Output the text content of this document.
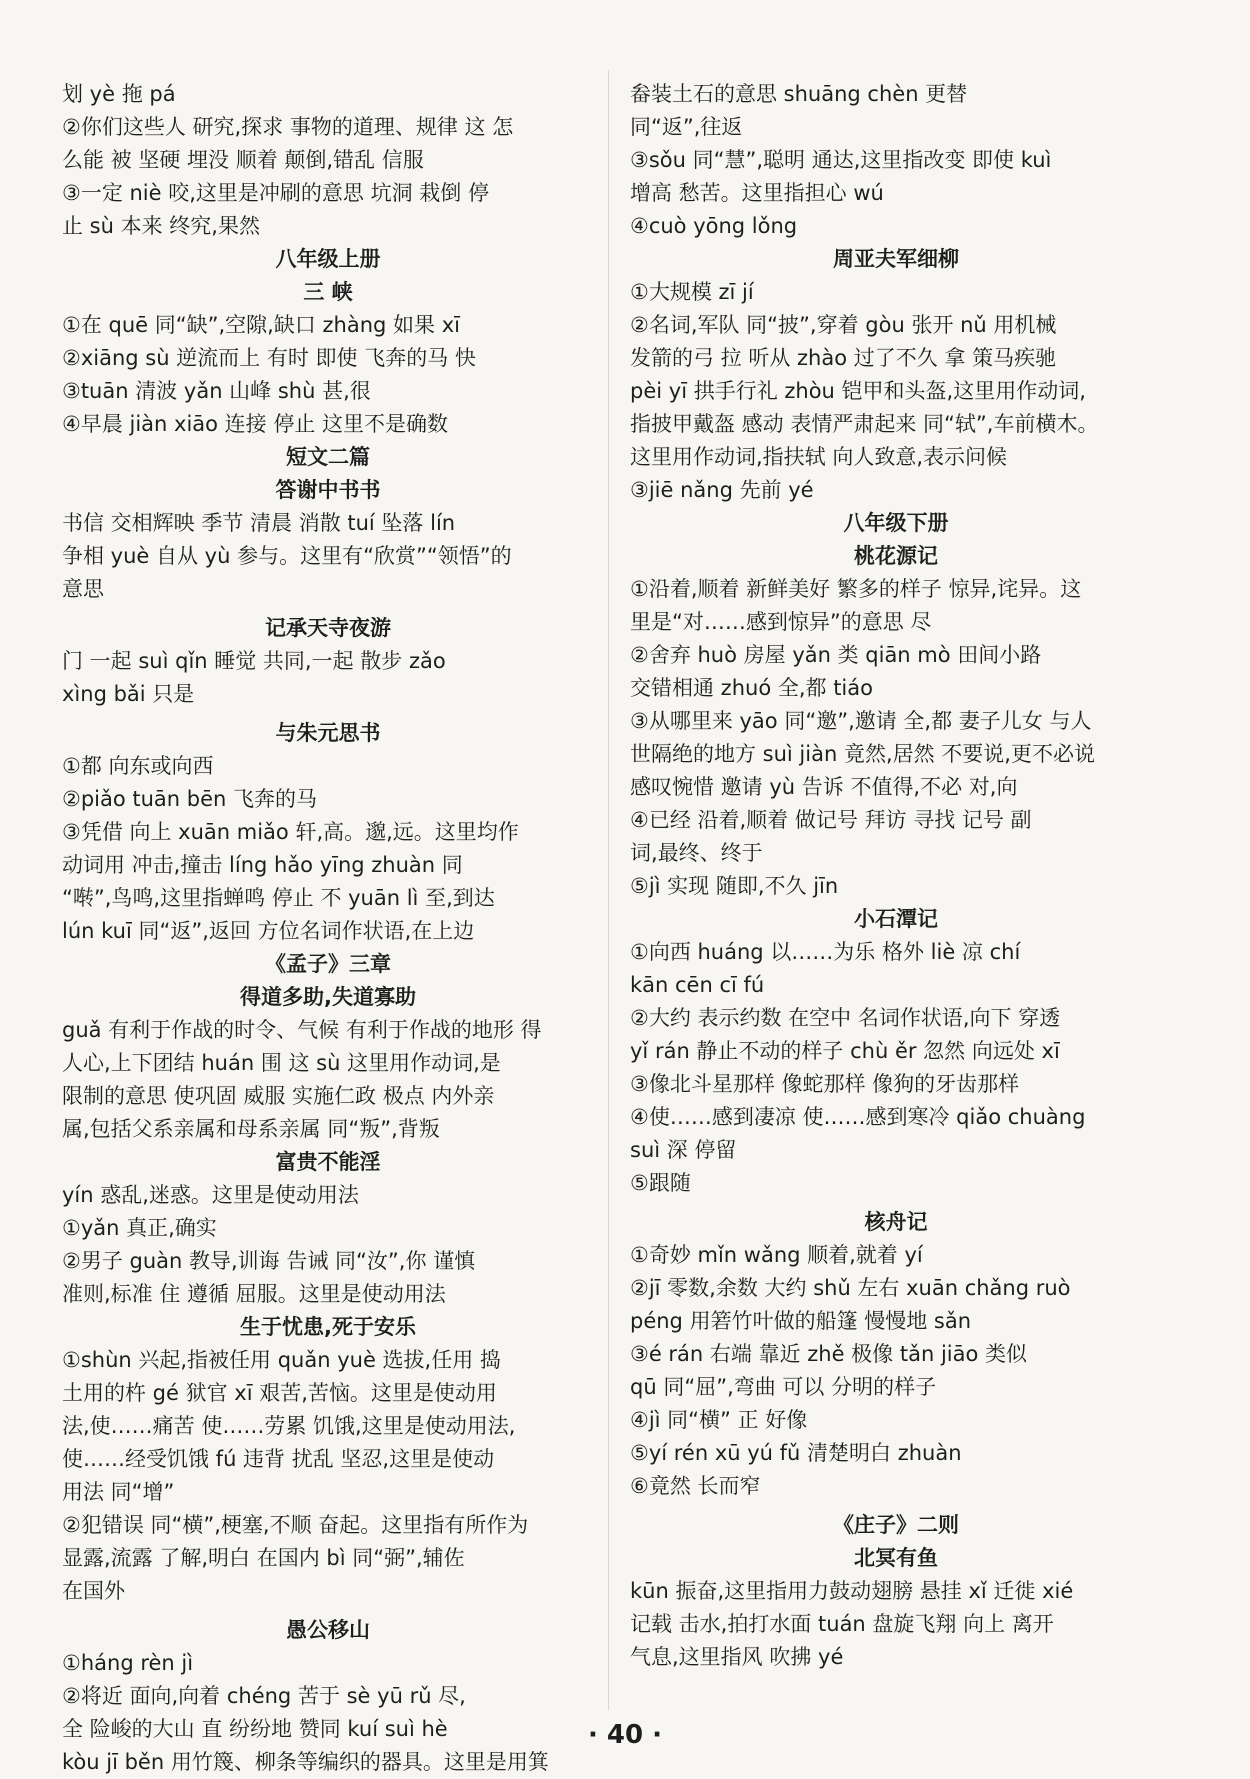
划 yè 拖 pá
②你们这些人 研究,探求 事物的道理、规律 这 怎
么能 被 坚硬 埋没 顺着 颠倒,错乱 信服
③一定 niè 咬,这里是冲刷的意思 坑洞 栽倒 停
止 sù 本来 终究,果然
八年级上册
三 峡
①在 quē 同“缺”,空隙,缺口 zhàng 如果 xī
②xiāng sù 逆流而上 有时 即使 飞奔的马 快
③tuān 清波 yǎn 山峰 shù 甚,很
④早晨 jiàn xiāo 连接 停止 这里不是确数
短文二篇
答谢中书书
书信 交相辉映 季节 清晨 消散 tuí 坠落 lín
争相 yuè 自从 yù 参与。这里有“欣赏”“领悟”的
意思
记承天寺夜游
门 一起 suì qǐn 睡觉 共同,一起 散步 zǎo
xìng bǎi 只是
与朱元思书
①都 向东或向西
②piǎo tuān bēn 飞奔的马
③凭借 向上 xuān miǎo 轩,高。邈,远。这里均作
动词用 冲击,撞击 líng hǎo yīng zhuàn 同
“啭”,鸟鸣,这里指蝉鸣 停止 不 yuān lì 至,到达
lún kuī 同“返”,返回 方位名词作状语,在上边
《孟子》三章
得道多助,失道寡助
guǎ 有利于作战的时令、气候 有利于作战的地形 得
人心,上下团结 huán 围 这 sù 这里用作动词,是
限制的意思 使巩固 威服 实施仁政 极点 内外亲
属,包括父系亲属和母系亲属 同“叛”,背叛
富贵不能淫
yín 惑乱,迷惑。这里是使动用法
①yǎn 真正,确实
②男子 guàn 教导,训诲 告诫 同“汝”,你 谨慎
准则,标准 住 遵循 屈服。这里是使动用法
生于忧患,死于安乐
①shùn 兴起,指被任用 quǎn yuè 选拔,任用 捣
土用的杵 gé 狱官 xī 艰苦,苦恼。这里是使动用
法,使……痛苦 使……劳累 饥饿,这里是使动用法,
使……经受饥饿 fú 违背 扰乱 坚忍,这里是使动
用法 同“增”
②犯错误 同“横”,梗塞,不顺 奋起。这里指有所作为
显露,流露 了解,明白 在国内 bì 同“弼”,辅佐
在国外
愚公移山
①háng rèn jì
②将近 面向,向着 chéng 苦于 sè yū rǔ 尽,
全 险峻的大山 直 纷纷地 赞同 kuí suì hè
kòu jī běn 用竹篾、柳条等编织的器具。这里是用箕
畚装土石的意思 shuāng chèn 更替
同“返”,往返
③sǒu 同“慧”,聪明 通达,这里指改变 即使 kuì
增高 愁苦。这里指担心 wú
④cuò yōng lǒng
周亚夫军细柳
①大规模 zī jí
②名词,军队 同“披”,穿着 gòu 张开 nǔ 用机械
发箭的弓 拉 听从 zhào 过了不久 拿 策马疾驰
pèi yī 拱手行礼 zhòu 铠甲和头盔,这里用作动词,
指披甲戴盔 感动 表情严肃起来 同“轼”,车前横木。
这里用作动词,指扶轼 向人致意,表示问候
③jiē nǎng 先前 yé
八年级下册
桃花源记
①沿着,顺着 新鲜美好 繁多的样子 惊异,诧异。这
里是“对……感到惊异”的意思 尽
②舍弃 huò 房屋 yǎn 类 qiān mò 田间小路
交错相通 zhuó 全,都 tiáo
③从哪里来 yāo 同“邀”,邀请 全,都 妻子儿女 与人
世隔绝的地方 suì jiàn 竟然,居然 不要说,更不必说
感叹惋惜 邀请 yù 告诉 不值得,不必 对,向
④已经 沿着,顺着 做记号 拜访 寻找 记号 副
词,最终、终于
⑤jì 实现 随即,不久 jīn
小石潭记
①向西 huáng 以……为乐 格外 liè 凉 chí
kān cēn cī fú
②大约 表示约数 在空中 名词作状语,向下 穿透
yǐ rán 静止不动的样子 chù ěr 忽然 向远处 xī
③像北斗星那样 像蛇那样 像狗的牙齿那样
④使……感到凄凉 使……感到寒冷 qiǎo chuàng
suì 深 停留
⑤跟随
核舟记
①奇妙 mǐn wǎng 顺着,就着 yí
②jī 零数,余数 大约 shǔ 左右 xuān chǎng ruò
péng 用箬竹叶做的船篷 慢慢地 sǎn
③é rán 右端 靠近 zhě 极像 tǎn jiāo 类似
qū 同“屈”,弯曲 可以 分明的样子
④jì 同“横” 正 好像
⑤yí rén xū yú fǔ 清楚明白 zhuàn
⑥竟然 长而窄
《庄子》二则
北冥有鱼
kūn 振奋,这里指用力鼓动翅膀 悬挂 xǐ 迁徙 xié
记载 击水,拍打水面 tuán 盘旋飞翔 向上 离开
气息,这里指风 吹拂 yé
· 40 ·
